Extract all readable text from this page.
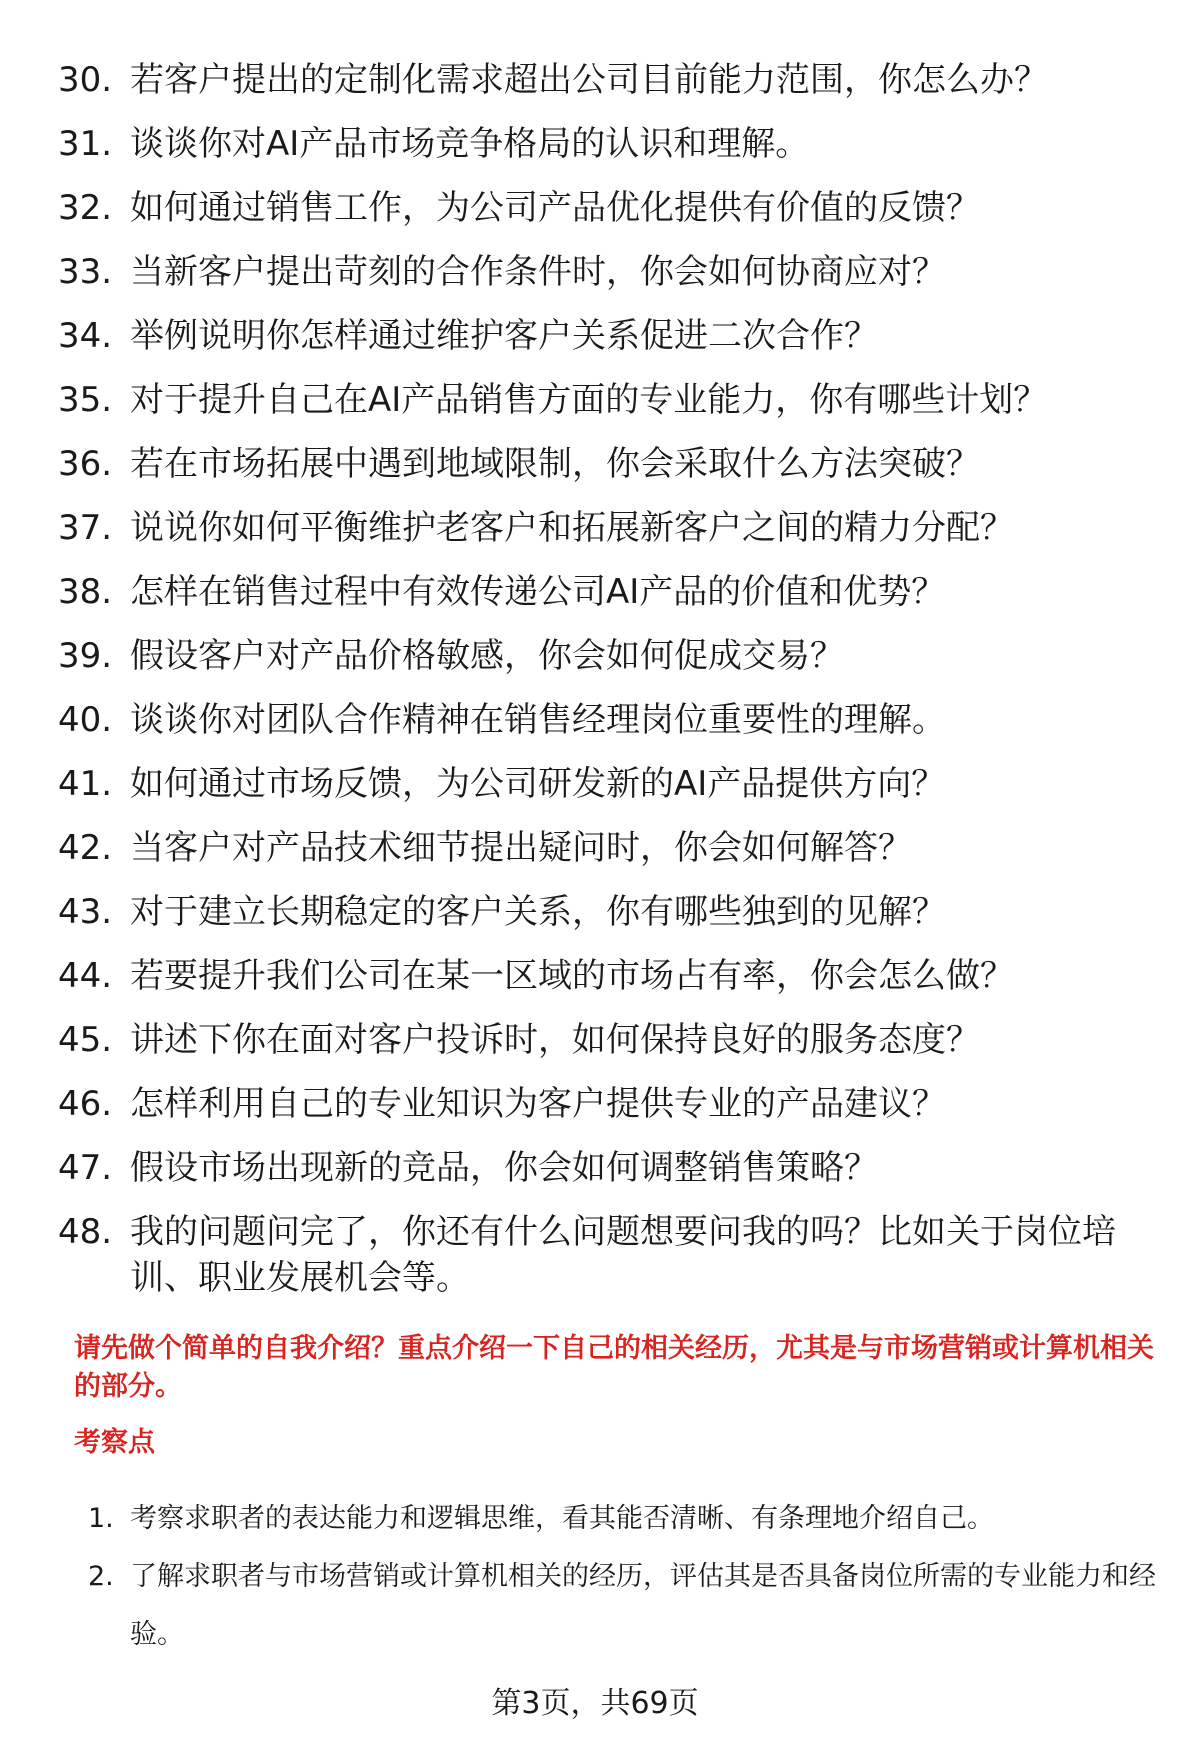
30. 若客户提出的定制化需求超出公司目前能力范围，你怎么办？
31. 谈谈你对AI产品市场竞争格局的认识和理解。
32. 如何通过销售工作，为公司产品优化提供有价值的反馈？
33. 当新客户提出苛刻的合作条件时，你会如何协商应对？
34. 举例说明你怎样通过维护客户关系促进二次合作？
35. 对于提升自己在AI产品销售方面的专业能力，你有哪些计划？
36. 若在市场拓展中遇到地域限制，你会采取什么方法突破？
37. 说说你如何平衡维护老客户和拓展新客户之间的精力分配？
38. 怎样在销售过程中有效传递公司AI产品的价值和优势？
39. 假设客户对产品价格敏感，你会如何促成交易？
40. 谈谈你对团队合作精神在销售经理岗位重要性的理解。
41. 如何通过市场反馈，为公司研发新的AI产品提供方向？
42. 当客户对产品技术细节提出疑问时，你会如何解答？
43. 对于建立长期稳定的客户关系，你有哪些独到的见解？
44. 若要提升我们公司在某一区域的市场占有率，你会怎么做？
45. 讲述下你在面对客户投诉时，如何保持良好的服务态度？
46. 怎样利用自己的专业知识为客户提供专业的产品建议？
47. 假设市场出现新的竞品，你会如何调整销售策略？
48. 我的问题问完了，你还有什么问题想要问我的吗？比如关于岗位培训、职业发展机会等。
请先做个简单的自我介绍？重点介绍一下自己的相关经历，尤其是与市场营销或计算机相关的部分。
考察点
1. 考察求职者的表达能力和逻辑思维，看其能否清晰、有条理地介绍自己。
2. 了解求职者与市场营销或计算机相关的经历，评估其是否具备岗位所需的专业能力和经验。
第3页，共69页
